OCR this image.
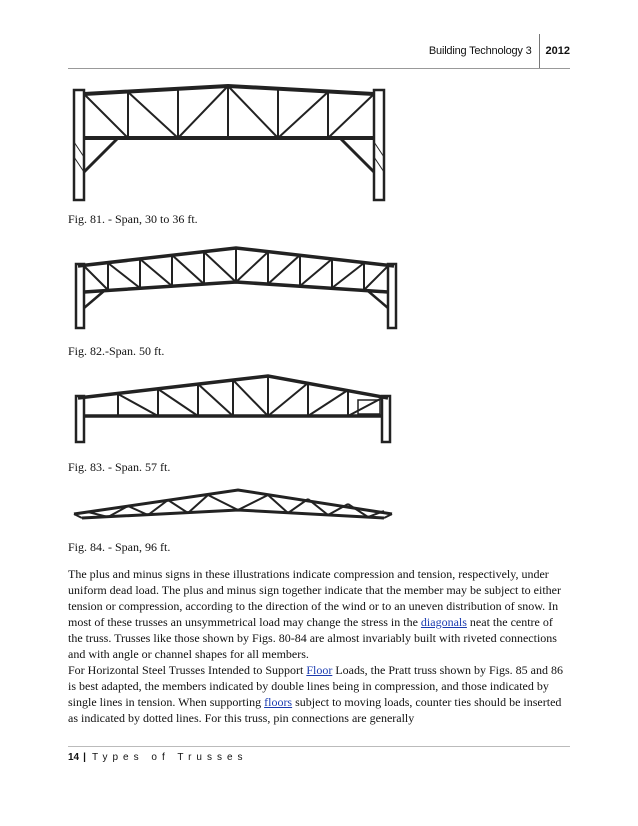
Building Technology 3	2012
Fig. 81. - Span, 30 to 36 ft.
Fig. 82.-Span. 50 ft.
Fig. 83. - Span. 57 ft.
Fig. 84. - Span, 96 ft.
The plus and minus signs in these illustrations indicate compression and tension, respectively, under uniform dead load. The plus and minus sign together indicate that the member may be subject to either tension or compression, according to the direction of the wind or to an uneven distribution of snow. In most of these trusses an unsymmetrical load may change the stress in the diagonals neat the centre of the truss. Trusses like those shown by Figs. 80-84 are almost invariably built with riveted connections and with angle or channel shapes for all members.
For Horizontal Steel Trusses Intended to Support Floor Loads, the Pratt truss shown by Figs. 85 and 86 is best adapted, the members indicated by double lines being in compression, and those indicated by single lines in tension. When supporting floors subject to moving loads, counter ties should be inserted as indicated by dotted lines. For this truss, pin connections are generally
14 | Types of Trusses
